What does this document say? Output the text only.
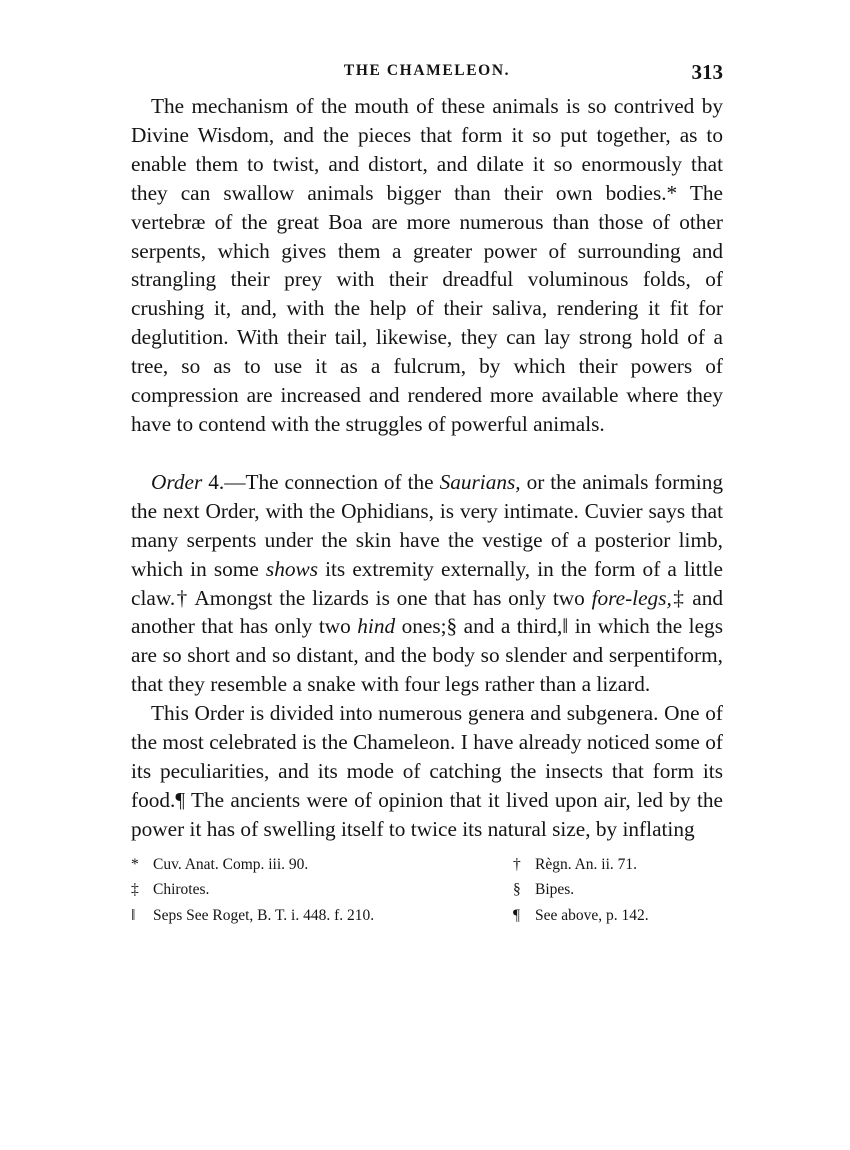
THE CHAMELEON.	313

The mechanism of the mouth of these animals is so contrived by Divine Wisdom, and the pieces that form it so put together, as to enable them to twist, and distort, and dilate it so enormously that they can swallow animals bigger than their own bodies.* The vertebræ of the great Boa are more numerous than those of other serpents, which gives them a greater power of surrounding and strangling their prey with their dreadful voluminous folds, of crushing it, and, with the help of their saliva, rendering it fit for deglutition. With their tail, likewise, they can lay strong hold of a tree, so as to use it as a fulcrum, by which their powers of compression are increased and rendered more available where they have to contend with the struggles of powerful animals.

Order 4.—The connection of the Saurians, or the animals forming the next Order, with the Ophidians, is very intimate. Cuvier says that many serpents under the skin have the vestige of a posterior limb, which in some shows its extremity externally, in the form of a little claw.† Amongst the lizards is one that has only two fore-legs,‡ and another that has only two hind ones;§ and a third,‖ in which the legs are so short and so distant, and the body so slender and serpentiform, that they resemble a snake with four legs rather than a lizard.

This Order is divided into numerous genera and subgenera. One of the most celebrated is the Chameleon. I have already noticed some of its peculiarities, and its mode of catching the insects that form its food.¶ The ancients were of opinion that it lived upon air, led by the power it has of swelling itself to twice its natural size, by inflating

* Cuv. Anat. Comp. iii. 90.	† Règn. An. ii. 71.
‡ Chirotes.	§ Bipes.
‖ Seps See Roget, B. T. i. 448. f. 210.	¶ See above, p. 142.
